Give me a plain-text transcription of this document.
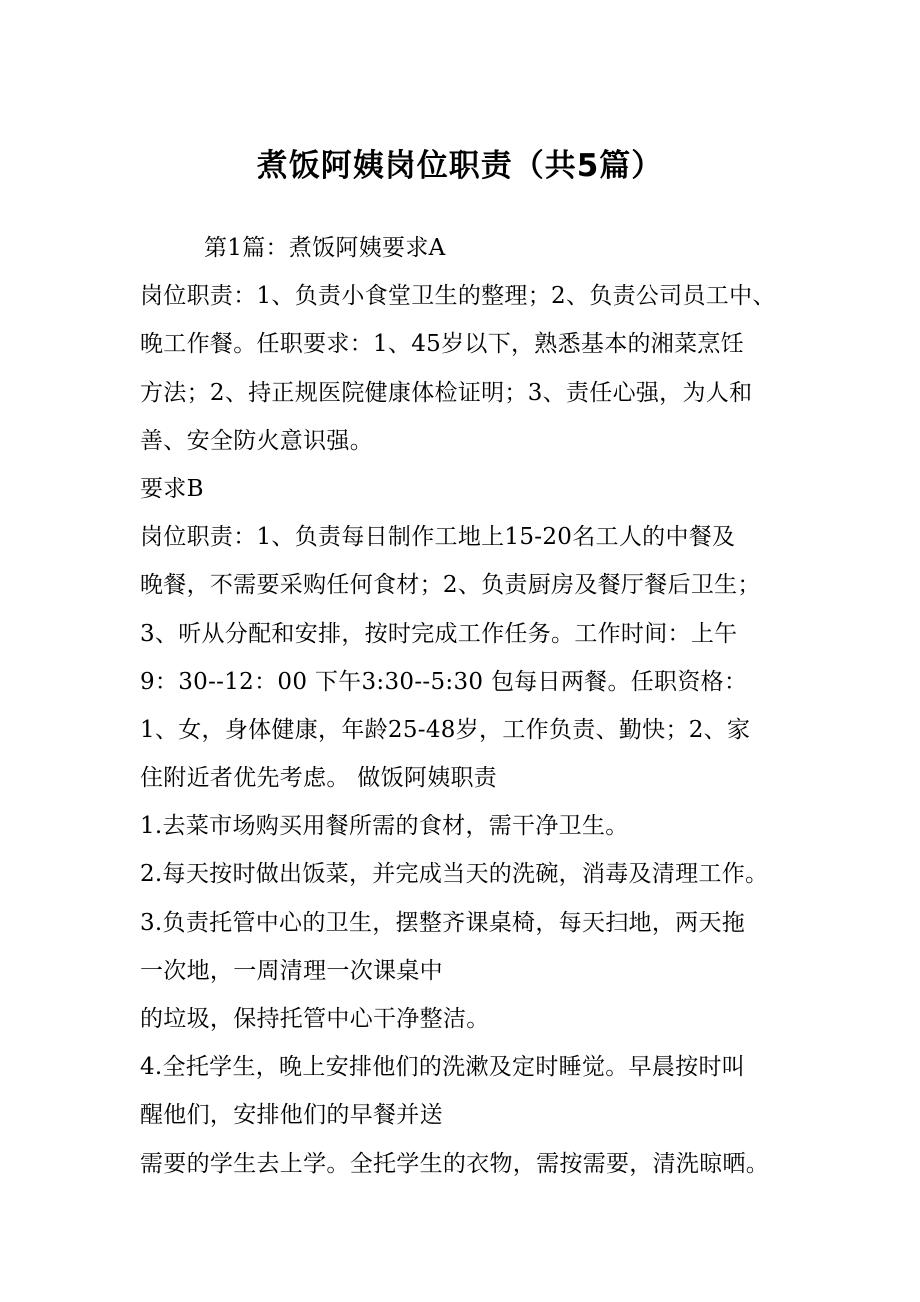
煮饭阿姨岗位职责（共5篇）
第1篇：煮饭阿姨要求A
岗位职责：1、负责小食堂卫生的整理；2、负责公司员工中、
晚工作餐。任职要求：1、45岁以下，熟悉基本的湘菜烹饪
方法；2、持正规医院健康体检证明；3、责任心强，为人和
善、安全防火意识强。
要求B
岗位职责：1、负责每日制作工地上15-20名工人的中餐及
晚餐，不需要采购任何食材；2、负责厨房及餐厅餐后卫生；
3、听从分配和安排，按时完成工作任务。工作时间：上午
9：30--12：00 下午3:30--5:30 包每日两餐。任职资格：
1、女，身体健康，年龄25-48岁，工作负责、勤快；2、家
住附近者优先考虑。 做饭阿姨职责
1.去菜市场购买用餐所需的食材，需干净卫生。
2.每天按时做出饭菜，并完成当天的洗碗，消毒及清理工作。
3.负责托管中心的卫生，摆整齐课桌椅，每天扫地，两天拖
一次地，一周清理一次课桌中
的垃圾，保持托管中心干净整洁。
4.全托学生，晚上安排他们的洗漱及定时睡觉。早晨按时叫
醒他们，安排他们的早餐并送
需要的学生去上学。全托学生的衣物，需按需要，清洗晾晒。
